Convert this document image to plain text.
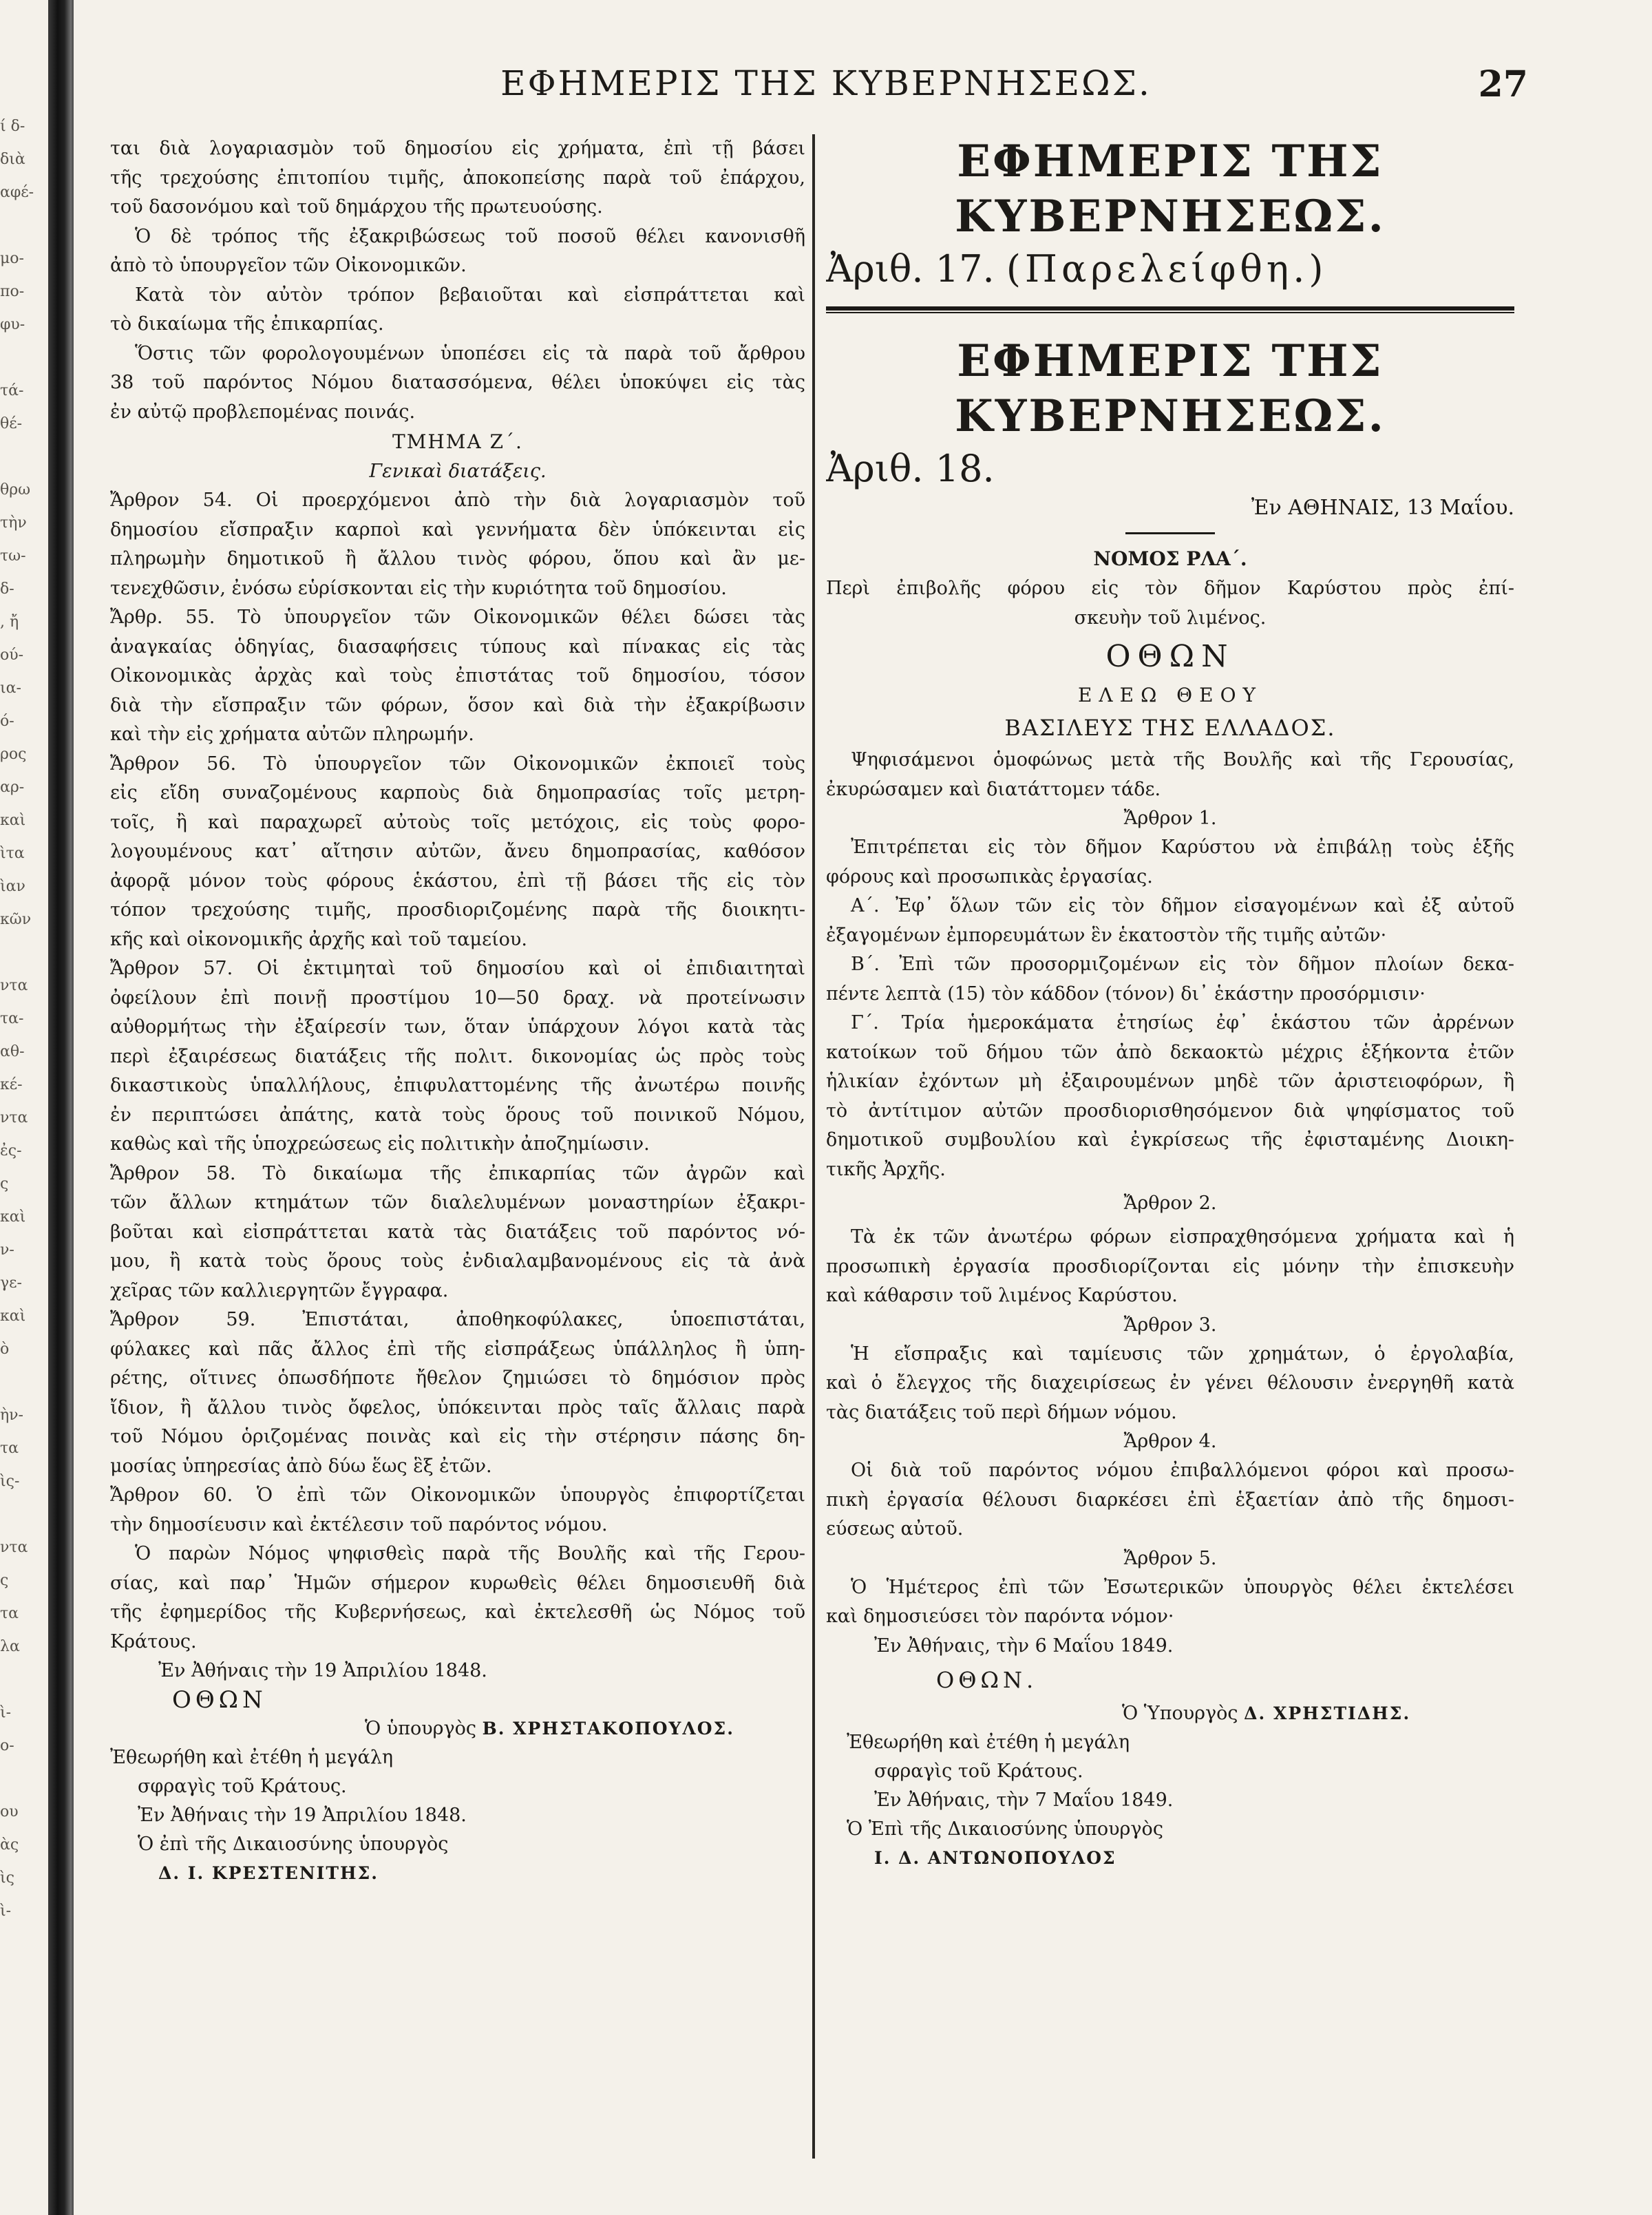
ί δ-
διὰ
αφέ-
μο-
πο-
φυ-
τά-
θέ-
θρω
τὴν
τω-
δ-
, ἤ
ού-
ια-
ό-
ρος
αρ-
καὶ
ὶτα
ὶαν
κῶν
ντα
τα-
αθ-
κέ-
ντα
ἐς-
ς
καὶ
ν-
γε-
καὶ
ὸ
ὴν-
τα
ὶς-
ντα
ς
τα
λα
ὶ-
ο-
ου
ὰς
ὶς
ὶ-
ΕΦΗΜΕΡΙΣ ΤΗΣ ΚΥΒΕΡΝΗΣΕΩΣ.	27
ται διὰ λογαριασμὸν τοῦ δημοσίου εἰς χρήματα, ἐπὶ τῇ βάσει
τῆς τρεχούσης ἐπιτοπίου τιμῆς, ἀποκοπείσης παρὰ τοῦ ἐπάρχου,
τοῦ δασονόμου καὶ τοῦ δημάρχου τῆς πρωτευούσης.
Ὁ δὲ τρόπος τῆς ἐξακριβώσεως τοῦ ποσοῦ θέλει κανονισθῆ
ἀπὸ τὸ ὑπουργεῖον τῶν Οἰκονομικῶν.
Κατὰ τὸν αὐτὸν τρόπον βεβαιοῦται καὶ εἰσπράττεται καὶ
τὸ δικαίωμα τῆς ἐπικαρπίας.
Ὅστις τῶν φορολογουμένων ὑποπέσει εἰς τὰ παρὰ τοῦ ἄρθρου
38 τοῦ παρόντος Νόμου διατασσόμενα, θέλει ὑποκύψει εἰς τὰς
ἐν αὐτῷ προβλεπομένας ποινάς.
ΤΜΗΜΑ Ζ΄.
Γενικαὶ διατάξεις.
Ἄρθρον 54. Οἱ προερχόμενοι ἀπὸ τὴν διὰ λογαριασμὸν τοῦ
δημοσίου εἴσπραξιν καρποὶ καὶ γεννήματα δὲν ὑπόκεινται εἰς
πληρωμὴν δημοτικοῦ ἢ ἄλλου τινὸς φόρου, ὅπου καὶ ἂν με-
τενεχθῶσιν, ἐνόσω εὑρίσκονται εἰς τὴν κυριότητα τοῦ δημοσίου.
Ἄρθρ. 55. Τὸ ὑπουργεῖον τῶν Οἰκονομικῶν θέλει δώσει τὰς
ἀναγκαίας ὁδηγίας, διασαφήσεις τύπους καὶ πίνακας εἰς τὰς
Οἰκονομικὰς ἀρχὰς καὶ τοὺς ἐπιστάτας τοῦ δημοσίου, τόσον
διὰ τὴν εἴσπραξιν τῶν φόρων, ὅσον καὶ διὰ τὴν ἐξακρίβωσιν
καὶ τὴν εἰς χρήματα αὐτῶν πληρωμήν.
Ἄρθρον 56. Τὸ ὑπουργεῖον τῶν Οἰκονομικῶν ἐκποιεῖ τοὺς
εἰς εἴδη συναζομένους καρποὺς διὰ δημοπρασίας τοῖς μετρη-
τοῖς, ἢ καὶ παραχωρεῖ αὐτοὺς τοῖς μετόχοις, εἰς τοὺς φορο-
λογουμένους κατ᾽ αἴτησιν αὐτῶν, ἄνευ δημοπρασίας, καθόσον
ἀφορᾷ μόνον τοὺς φόρους ἑκάστου, ἐπὶ τῇ βάσει τῆς εἰς τὸν
τόπον τρεχούσης τιμῆς, προσδιοριζομένης παρὰ τῆς διοικητι-
κῆς καὶ οἰκονομικῆς ἀρχῆς καὶ τοῦ ταμείου.
Ἄρθρον 57. Οἱ ἐκτιμηταὶ τοῦ δημοσίου καὶ οἱ ἐπιδιαιτηταὶ
ὀφείλουν ἐπὶ ποινῇ προστίμου 10—50 δραχ. νὰ προτείνωσιν
αὐθορμήτως τὴν ἐξαίρεσίν των, ὅταν ὑπάρχουν λόγοι κατὰ τὰς
περὶ ἐξαιρέσεως διατάξεις τῆς πολιτ. δικονομίας ὡς πρὸς τοὺς
δικαστικοὺς ὑπαλλήλους, ἐπιφυλαττομένης τῆς ἀνωτέρω ποινῆς
ἐν περιπτώσει ἀπάτης, κατὰ τοὺς ὅρους τοῦ ποινικοῦ Νόμου,
καθὼς καὶ τῆς ὑποχρεώσεως εἰς πολιτικὴν ἀποζημίωσιν.
Ἄρθρον 58. Τὸ δικαίωμα τῆς ἐπικαρπίας τῶν ἀγρῶν καὶ
τῶν ἄλλων κτημάτων τῶν διαλελυμένων μοναστηρίων ἐξακρι-
βοῦται καὶ εἰσπράττεται κατὰ τὰς διατάξεις τοῦ παρόντος νό-
μου, ἢ κατὰ τοὺς ὅρους τοὺς ἐνδιαλαμβανομένους εἰς τὰ ἀνὰ
χεῖρας τῶν καλλιεργητῶν ἔγγραφα.
Ἄρθρον 59. Ἐπιστάται, ἀποθηκοφύλακες, ὑποεπιστάται,
φύλακες καὶ πᾶς ἄλλος ἐπὶ τῆς εἰσπράξεως ὑπάλληλος ἢ ὑπη-
ρέτης, οἵτινες ὁπωσδήποτε ἤθελον ζημιώσει τὸ δημόσιον πρὸς
ἴδιον, ἢ ἄλλου τινὸς ὄφελος, ὑπόκεινται πρὸς ταῖς ἄλλαις παρὰ
τοῦ Νόμου ὁριζομένας ποινὰς καὶ εἰς τὴν στέρησιν πάσης δη-
μοσίας ὑπηρεσίας ἀπὸ δύω ἕως ἓξ ἐτῶν.
Ἄρθρον 60. Ὁ ἐπὶ τῶν Οἰκονομικῶν ὑπουργὸς ἐπιφορτίζεται
τὴν δημοσίευσιν καὶ ἐκτέλεσιν τοῦ παρόντος νόμου.
Ὁ παρὼν Νόμος ψηφισθεὶς παρὰ τῆς Βουλῆς καὶ τῆς Γερου-
σίας, καὶ παρ᾽ Ἡμῶν σήμερον κυρωθεὶς θέλει δημοσιευθῆ διὰ
τῆς ἐφημερίδος τῆς Κυβερνήσεως, καὶ ἐκτελεσθῆ ὡς Νόμος τοῦ
Κράτους.
Ἐν Ἀθήναις τὴν 19 Ἀπριλίου 1848.
ΟΘΩΝ
Ὁ ὑπουργὸς Β. ΧΡΗΣΤΑΚΟΠΟΥΛΟΣ.
Ἐθεωρήθη καὶ ἐτέθη ἡ μεγάλη
σφραγὶς τοῦ Κράτους.
Ἐν Ἀθήναις τὴν 19 Ἀπριλίου 1848.
Ὁ ἐπὶ τῆς Δικαιοσύνης ὑπουργὸς
Δ. Ι. ΚΡΕΣΤΕΝΙΤΗΣ.
ΕΦΗΜΕΡΙΣ ΤΗΣ ΚΥΒΕΡΝΗΣΕΩΣ.
Ἀριθ. 17. (Παρελείφθη.)
ΕΦΗΜΕΡΙΣ ΤΗΣ ΚΥΒΕΡΝΗΣΕΩΣ.
Ἀριθ. 18.
Ἐν ΑΘΗΝΑΙΣ, 13 Μαΐου.
ΝΟΜΟΣ ΡΛΑ΄.
Περὶ ἐπιβολῆς φόρου εἰς τὸν δῆμον Καρύστου πρὸς ἐπί-
σκευὴν τοῦ λιμένος.
ΟΘΩΝ
ΕΛΕΩ ΘΕΟΥ
ΒΑΣΙΛΕΥΣ ΤΗΣ ΕΛΛΑΔΟΣ.
Ψηφισάμενοι ὁμοφώνως μετὰ τῆς Βουλῆς καὶ τῆς Γερουσίας,
ἐκυρώσαμεν καὶ διατάττομεν τάδε.
Ἄρθρον 1.
Ἐπιτρέπεται εἰς τὸν δῆμον Καρύστου νὰ ἐπιβάλῃ τοὺς ἑξῆς
φόρους καὶ προσωπικὰς ἐργασίας.
Α΄. Ἐφ᾽ ὅλων τῶν εἰς τὸν δῆμον εἰσαγομένων καὶ ἐξ αὐτοῦ
ἐξαγομένων ἐμπορευμάτων ἓν ἑκατοστὸν τῆς τιμῆς αὐτῶν·
Β΄. Ἐπὶ τῶν προσορμιζομένων εἰς τὸν δῆμον πλοίων δεκα-
πέντε λεπτὰ (15) τὸν κάδδον (τόνον) δι᾽ ἑκάστην προσόρμισιν·
Γ΄. Τρία ἡμεροκάματα ἐτησίως ἐφ᾽ ἑκάστου τῶν ἀρρένων
κατοίκων τοῦ δήμου τῶν ἀπὸ δεκαοκτὼ μέχρις ἑξήκοντα ἐτῶν
ἡλικίαν ἐχόντων μὴ ἐξαιρουμένων μηδὲ τῶν ἀριστειοφόρων, ἢ
τὸ ἀντίτιμον αὐτῶν προσδιορισθησόμενον διὰ ψηφίσματος τοῦ
δημοτικοῦ συμβουλίου καὶ ἐγκρίσεως τῆς ἐφισταμένης Διοικη-
τικῆς Ἀρχῆς.
Ἄρθρον 2.
Τὰ ἐκ τῶν ἀνωτέρω φόρων εἰσπραχθησόμενα χρήματα καὶ ἡ
προσωπικὴ ἐργασία προσδιορίζονται εἰς μόνην τὴν ἐπισκευὴν
καὶ κάθαρσιν τοῦ λιμένος Καρύστου.
Ἄρθρον 3.
Ἡ εἴσπραξις καὶ ταμίευσις τῶν χρημάτων, ὁ ἐργολαβία,
καὶ ὁ ἔλεγχος τῆς διαχειρίσεως ἐν γένει θέλουσιν ἐνεργηθῆ κατὰ
τὰς διατάξεις τοῦ περὶ δήμων νόμου.
Ἄρθρον 4.
Οἱ διὰ τοῦ παρόντος νόμου ἐπιβαλλόμενοι φόροι καὶ προσω-
πικὴ ἐργασία θέλουσι διαρκέσει ἐπὶ ἑξαετίαν ἀπὸ τῆς δημοσι-
εύσεως αὐτοῦ.
Ἄρθρον 5.
Ὁ Ἡμέτερος ἐπὶ τῶν Ἐσωτερικῶν ὑπουργὸς θέλει ἐκτελέσει
καὶ δημοσιεύσει τὸν παρόντα νόμον·
Ἐν Ἀθήναις, τὴν 6 Μαΐου 1849.
ΟΘΩΝ.
Ὁ Ὑπουργὸς Δ. ΧΡΗΣΤΙΔΗΣ.
Ἐθεωρήθη καὶ ἐτέθη ἡ μεγάλη
σφραγὶς τοῦ Κράτους.
Ἐν Ἀθήναις, τὴν 7 Μαΐου 1849.
Ὁ Ἐπὶ τῆς Δικαιοσύνης ὑπουργὸς
Ι. Δ. ΑΝΤΩΝΟΠΟΥΛΟΣ
